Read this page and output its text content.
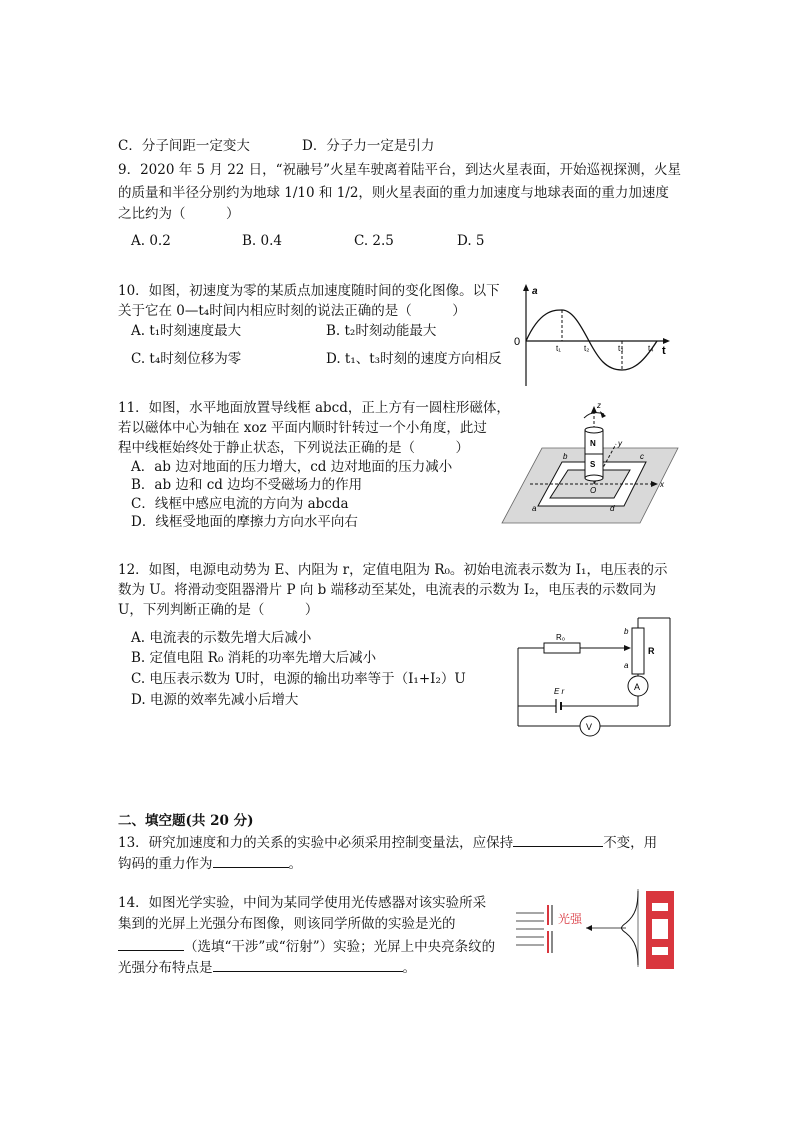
C．分子间距一定变大	D．分子力一定是引力
9．2020 年 5 月 22 日，“祝融号”火星车驶离着陆平台，到达火星表面，开始巡视探测，火星
的质量和半径分别约为地球 1/10 和 1/2，则火星表面的重力加速度与地球表面的重力加速度
之比约为（　　　）
A. 0.2	B. 0.4	C. 2.5	D. 5
10．如图，初速度为零的某质点加速度随时间的变化图像。以下
关于它在 0—t₄时间内相应时刻的说法正确的是（　　　）
A. t₁时刻速度最大	B. t₂时刻动能最大
C. t₄时刻位移为零	D. t₁、t₃时刻的速度方向相反
a
0
t
t₁	t₂	t₃	t₄
11．如图，水平地面放置导线框 abcd，正上方有一圆柱形磁体，
若以磁体中心为轴在 xoz 平面内顺时针转过一个小角度，此过
程中线框始终处于静止状态，下列说法正确的是（　　　）
A．ab 边对地面的压力增大，cd 边对地面的压力减小
B．ab 边和 cd 边均不受磁场力的作用
C．线框中感应电流的方向为 abcda
D．线框受地面的摩擦力方向水平向右
N
S
z
y
x
O
a
b	c
d
12．如图，电源电动势为 E、内阻为 r，定值电阻为 R₀。初始电流表示数为 I₁，电压表的示
数为 U。将滑动变阻器滑片 P 向 b 端移动至某处，电流表的示数为 I₂，电压表的示数同为
U，下列判断正确的是（　　　）
A. 电流表的示数先增大后减小
B. 定值电阻 R₀ 消耗的功率先增大后减小
C. 电压表示数为 U时，电源的输出功率等于（I₁+I₂）U
D. 电源的效率先减小后增大
R₀
R
b
a
A
E r
V
二、填空题(共 20 分)
13．研究加速度和力的关系的实验中必须采用控制变量法，应保持	不变，用
钩码的重力作为	。
14．如图光学实验，中间为某同学使用光传感器对该实验所采
集到的光屏上光强分布图像，则该同学所做的实验是光的
（选填“干涉”或“衍射”）实验；光屏上中央亮条纹的
光强分布特点是	。
光强
